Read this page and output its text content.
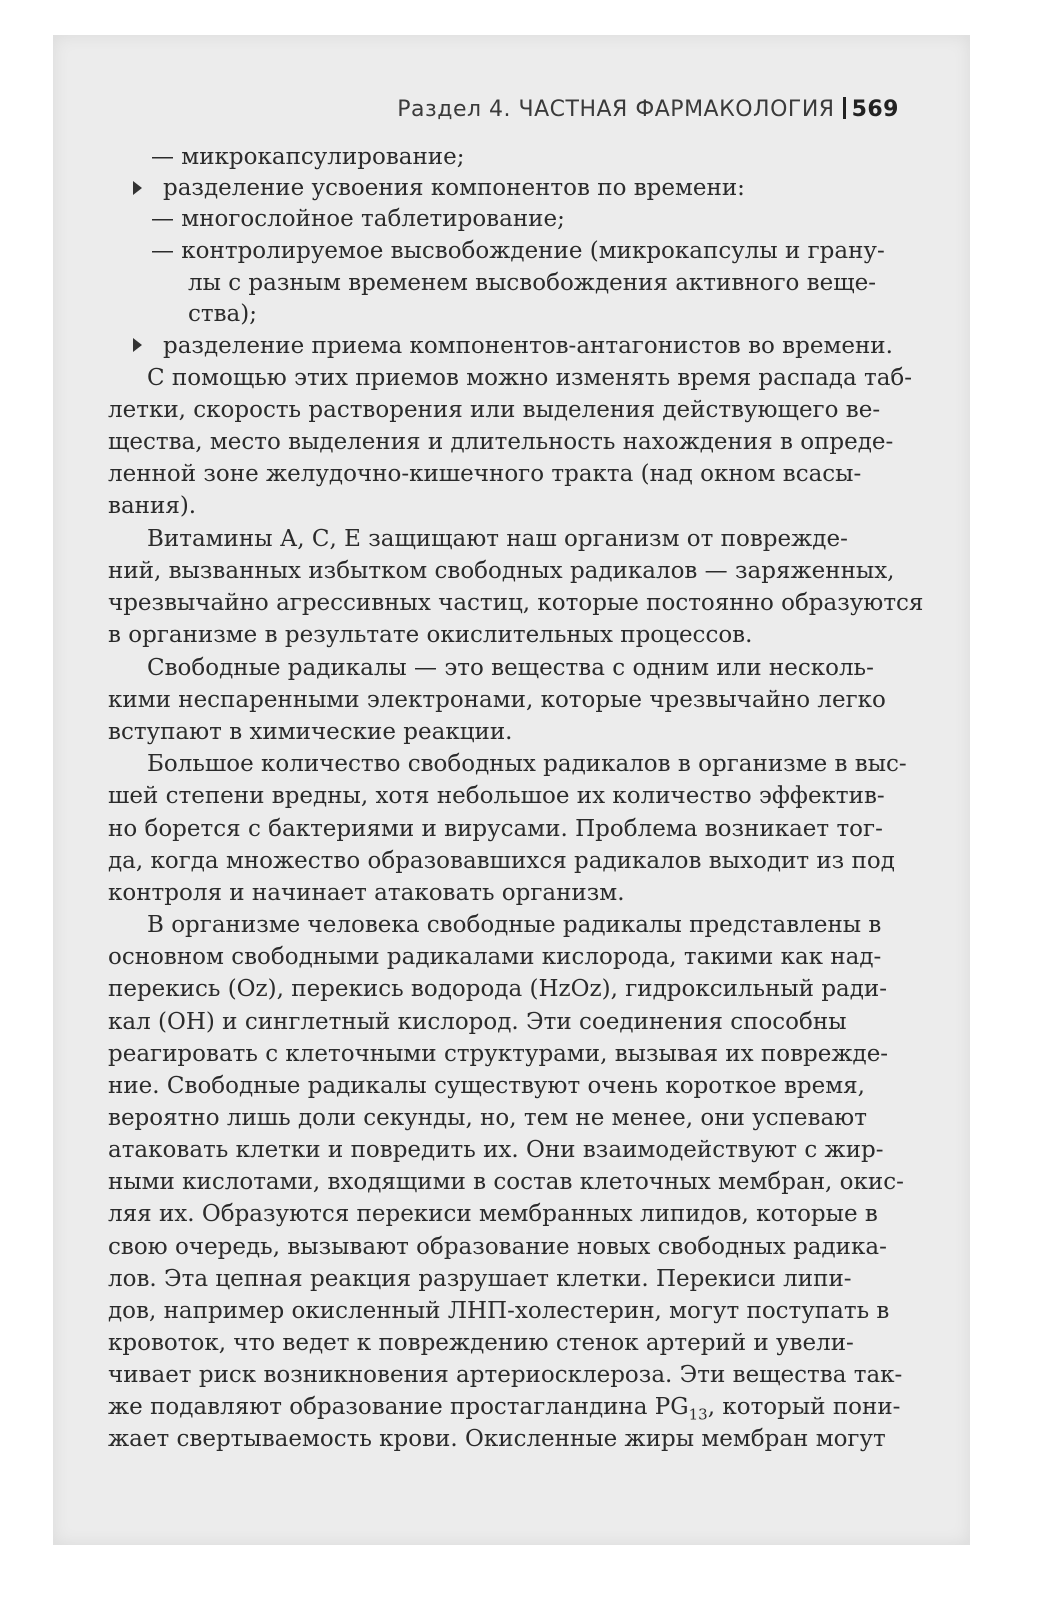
Раздел 4. ЧАСТНАЯ ФАРМАКОЛОГИЯ 569
— микрокапсулирование;
разделение усвоения компонентов по времени:
— многослойное таблетирование;
— контролируемое высвобождение (микрокапсулы и грану-
лы с разным временем высвобождения активного веще-
ства);
разделение приема компонентов-антагонистов во времени.
С помощью этих приемов можно изменять время распада таб-
летки, скорость растворения или выделения действующего ве-
щества, место выделения и длительность нахождения в опреде-
ленной зоне желудочно-кишечного тракта (над окном всасы-
вания).
Витамины А, С, Е защищают наш организм от поврежде-
ний, вызванных избытком свободных радикалов — заряженных,
чрезвычайно агрессивных частиц, которые постоянно образуются
в организме в результате окислительных процессов.
Свободные радикалы — это вещества с одним или несколь-
кими неспаренными электронами, которые чрезвычайно легко
вступают в химические реакции.
Большое количество свободных радикалов в организме в выс-
шей степени вредны, хотя небольшое их количество эффектив-
но борется с бактериями и вирусами. Проблема возникает тог-
да, когда множество образовавшихся радикалов выходит из под
контроля и начинает атаковать организм.
В организме человека свободные радикалы представлены в
основном свободными радикалами кислорода, такими как над-
перекись (Oz), перекись водорода (HzOz), гидроксильный ради-
кал (ОН) и синглетный кислород. Эти соединения способны
реагировать с клеточными структурами, вызывая их поврежде-
ние. Свободные радикалы существуют очень короткое время,
вероятно лишь доли секунды, но, тем не менее, они успевают
атаковать клетки и повредить их. Они взаимодействуют с жир-
ными кислотами, входящими в состав клеточных мембран, окис-
ляя их. Образуются перекиси мембранных липидов, которые в
свою очередь, вызывают образование новых свободных радика-
лов. Эта цепная реакция разрушает клетки. Перекиси липи-
дов, например окисленный ЛНП-холестерин, могут поступать в
кровоток, что ведет к повреждению стенок артерий и увели-
чивает риск возникновения артериосклероза. Эти вещества так-
же подавляют образование простагландина $PG_{13}$, который пони-
жает свертываемость крови. Окисленные жиры мембран могут
